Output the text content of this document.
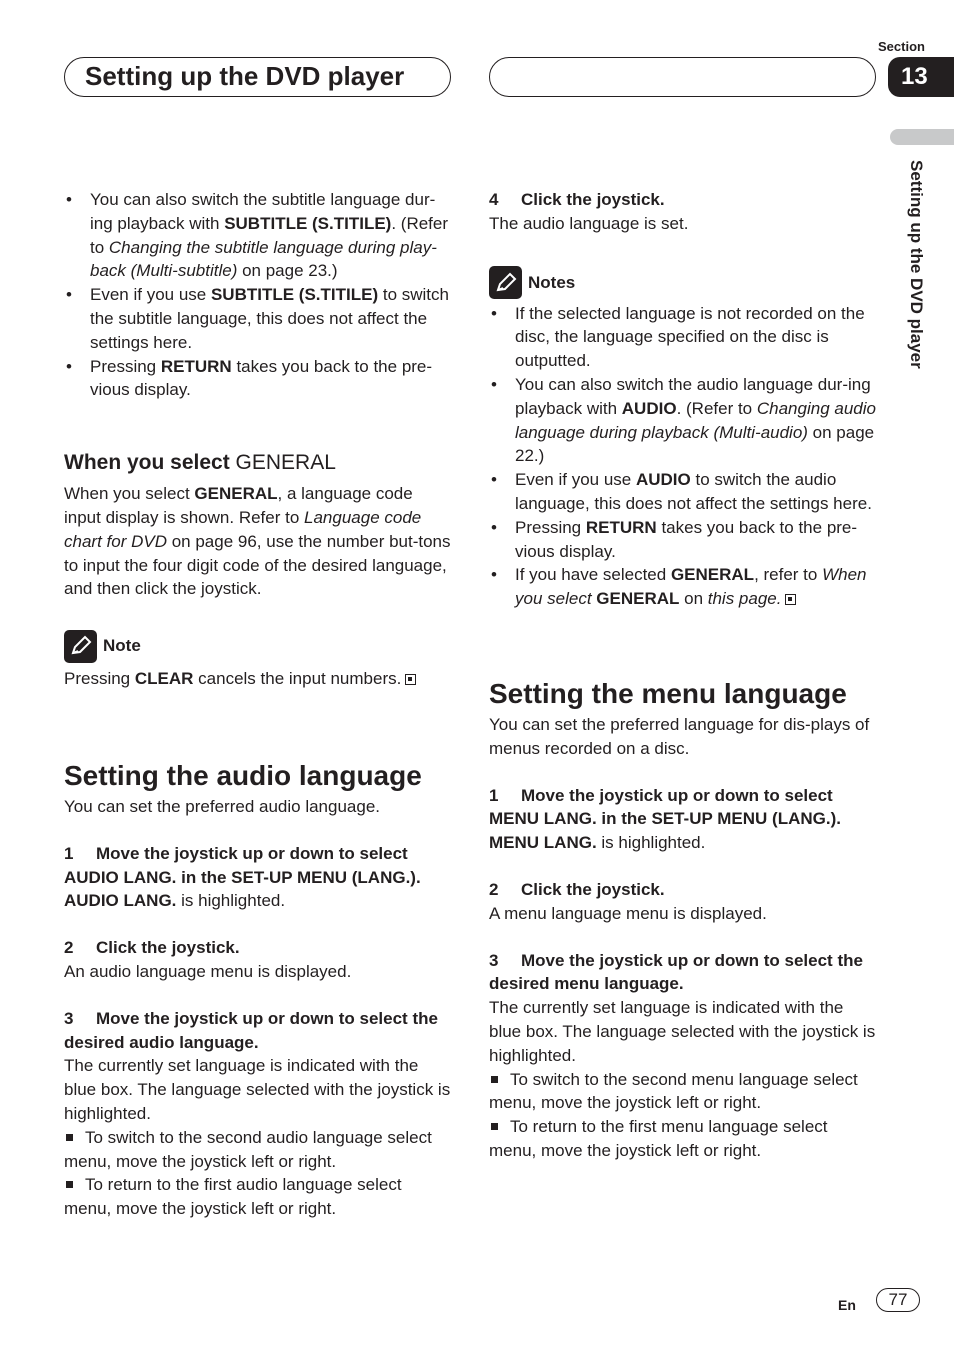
Setting up the DVD player
Section
13
Setting up the DVD player
• You can also switch the subtitle language dur-ing playback with SUBTITLE (S.TITILE). (Refer to Changing the subtitle language during play-back (Multi-subtitle) on page 23.)
• Even if you use SUBTITLE (S.TITILE) to switch the subtitle language, this does not affect the settings here.
• Pressing RETURN takes you back to the pre-vious display.

When you select GENERAL

When you select GENERAL, a language code input display is shown. Refer to Language code chart for DVD on page 96, use the number but-tons to input the four digit code of the desired language, and then click the joystick.

Note

Pressing CLEAR cancels the input numbers.

Setting the audio language

You can set the preferred audio language.

1 Move the joystick up or down to select AUDIO LANG. in the SET-UP MENU (LANG.).

AUDIO LANG. is highlighted.

2 Click the joystick.

An audio language menu is displayed.

3 Move the joystick up or down to select the desired audio language.

The currently set language is indicated with the blue box. The language selected with the joystick is highlighted.

To switch to the second audio language select menu, move the joystick left or right.

To return to the first audio language select menu, move the joystick left or right.

4 Click the joystick.

The audio language is set.

Notes
• If the selected language is not recorded on the disc, the language specified on the disc is outputted.
• You can also switch the audio language dur-ing playback with AUDIO. (Refer to Changing audio language during playback (Multi-audio) on page 22.)
• Even if you use AUDIO to switch the audio language, this does not affect the settings here.
• Pressing RETURN takes you back to the pre-vious display.
• If you have selected GENERAL, refer to When you select GENERAL on this page.

Setting the menu language

You can set the preferred language for dis-plays of menus recorded on a disc.

1 Move the joystick up or down to select MENU LANG. in the SET-UP MENU (LANG.).

MENU LANG. is highlighted.

2 Click the joystick.

A menu language menu is displayed.

3 Move the joystick up or down to select the desired menu language.

The currently set language is indicated with the blue box. The language selected with the joystick is highlighted.

To switch to the second menu language select menu, move the joystick left or right.

To return to the first menu language select menu, move the joystick left or right.

En	77
